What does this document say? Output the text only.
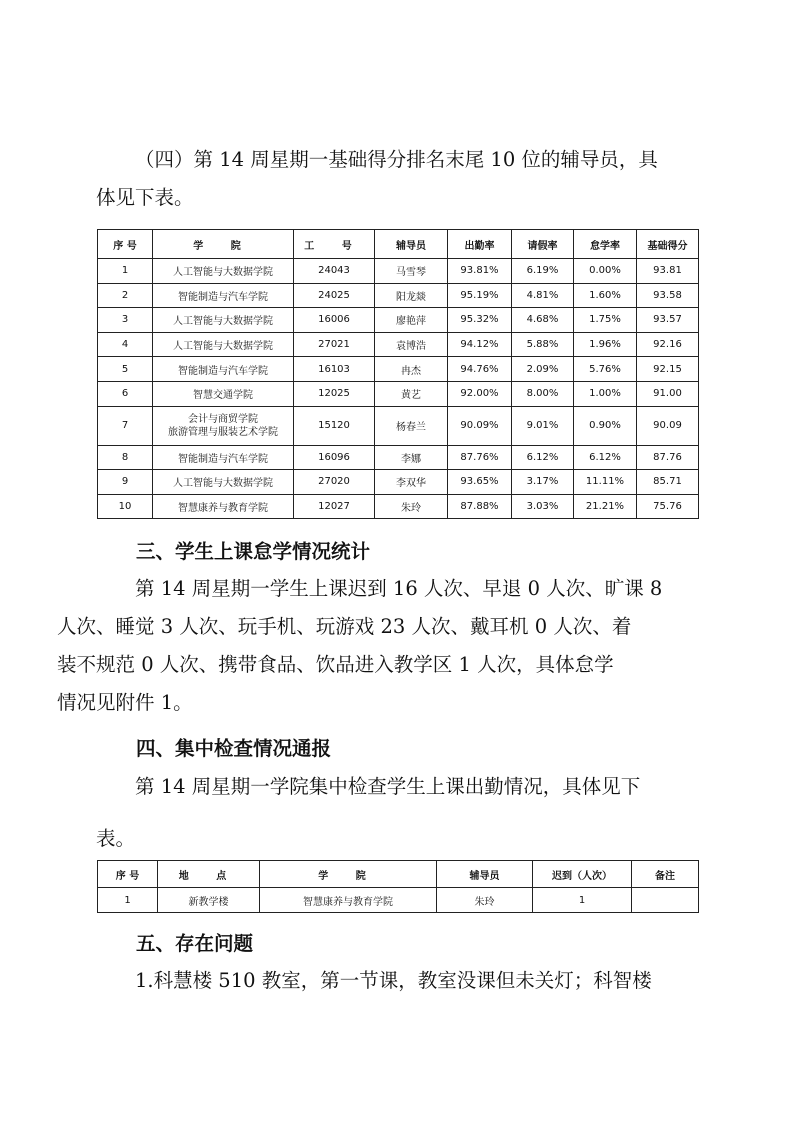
（四）第 14 周星期一基础得分排名末尾 10 位的辅导员，具
体见下表。

序 号	学 院	工 号	辅导员	出勤率	请假率	怠学率	基础得分
1	人工智能与大数据学院	24043	马雪琴	93.81%	6.19%	0.00%	93.81
2	智能制造与汽车学院	24025	阳龙燚	95.19%	4.81%	1.60%	93.58
3	人工智能与大数据学院	16006	廖艳萍	95.32%	4.68%	1.75%	93.57
4	人工智能与大数据学院	27021	袁博浩	94.12%	5.88%	1.96%	92.16
5	智能制造与汽车学院	16103	冉杰	94.76%	2.09%	5.76%	92.15
6	智慧交通学院	12025	黄艺	92.00%	8.00%	1.00%	91.00
7	会计与商贸学院
旅游管理与服装艺术学院	15120	杨春兰	90.09%	9.01%	0.90%	90.09
8	智能制造与汽车学院	16096	李娜	87.76%	6.12%	6.12%	87.76
9	人工智能与大数据学院	27020	李双华	93.65%	3.17%	11.11%	85.71
10	智慧康养与教育学院	12027	朱玲	87.88%	3.03%	21.21%	75.76
三、学生上课怠学情况统计

第 14 周星期一学生上课迟到 16 人次、早退 0 人次、旷课 8
人次、睡觉 3 人次、玩手机、玩游戏 23 人次、戴耳机 0 人次、着
装不规范 0 人次、携带食品、饮品进入教学区 1 人次，具体怠学
情况见附件 1。

四、集中检查情况通报

第 14 周星期一学院集中检查学生上课出勤情况，具体见下

表。

序 号	地 点	学 院	辅导员	迟到（人次）	备注
1	新教学楼	智慧康养与教育学院	朱玲	1	
五、存在问题

1.科慧楼 510 教室，第一节课，教室没课但未关灯；科智楼
